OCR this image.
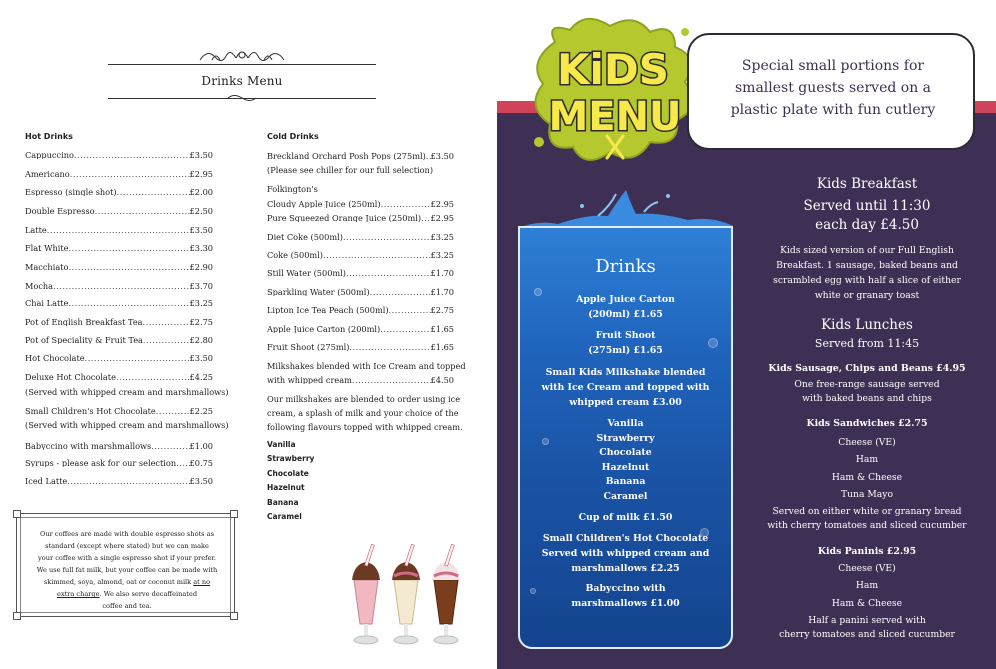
Drinks Menu
Hot Drinks
Cappuccino .....	£3.50
Americano .....	£2.95
Espresso (single shot) .....	£2.00
Double Espresso .....	£2.50
Latte .....	£3.50
Flat White .....	£3.30
Macchiato .....	£2.90
Mocha .....	£3.70
Chai Latte .....	£3.25
Pot of English Breakfast Tea .....	£2.75
Pot of Speciality & Fruit Tea .....	£2.80
Hot Chocolate .....	£3.50
Deluxe Hot Chocolate .....	£4.25
Small Children's Hot Chocolate .....	£2.25
Babyccino with marshmallows .....	£1.00
Syrups - please ask for our selection ..... £0.75
Iced Latte .....	£3.50
(Served with whipped cream and marshmallows)
(Served with whipped cream and marshmallows)
Cold Drinks
Breckland Orchard Posh Pops (275ml) ..... £3.50
(Please see chiller for our full selection)
Folkington's
Cloudy Apple Juice (250ml) .....	£2.95
Pure Squeezed Orange Juice (250ml) ..... £2.95
Diet Coke (500ml) .....	£3.25
Coke (500ml) .....	£3.25
Still Water (500ml) .....	£1.70
Sparkling Water (500ml) .....	£1.70
Lipton Ice Tea Peach (500ml) .....	£2.75
Apple Juice Carton (200ml) .....	£1.65
Fruit Shoot (275ml) .....	£1.65
Milkshakes blended with Ice Cream and topped
with whipped cream .....	£4.50
Our milkshakes are blended to order using ice
cream, a splash of milk and your choice of the
following flavours topped with whipped cream.
Vanilla
Strawberry
Chocolate
Hazelnut
Banana
Caramel
Our coffees are made with double espresso shots as
standard (except where stated) but we can make
your coffee with a single espresso shot if your prefer.
We use full fat milk, but your coffee can be made with
skimmed, soya, almond, oat or coconut milk at no
extra charge. We also serve decaffeinated
coffee and tea.
KiDS
MENU
Special small portions for
smallest guests served on a
plastic plate with fun cutlery
Drinks
Apple Juice Carton
(200ml) £1.65
Fruit Shoot
(275ml) £1.65
Small Kids Milkshake blended
with Ice Cream and topped with
whipped cream £3.00
Vanilla
Strawberry
Chocolate
Hazelnut
Banana
Caramel
Cup of milk £1.50
Small Children's Hot Chocolate
Served with whipped cream and
marshmallows £2.25
Babyccino with
marshmallows £1.00
Kids Breakfast
Served until 11:30
each day £4.50
Kids sized version of our Full English
Breakfast. 1 sausage, baked beans and
scrambled egg with half a slice of either
white or granary toast
Kids Lunches
Served from 11:45
Kids Sausage, Chips and Beans £4.95
One free-range sausage served
with baked beans and chips
Kids Sandwiches £2.75
Cheese (VE)
Ham
Ham & Cheese
Tuna Mayo
Served on either white or granary bread
with cherry tomatoes and sliced cucumber
Kids Paninis £2.95
Cheese (VE)
Ham
Ham & Cheese
Half a panini served with
cherry tomatoes and sliced cucumber
